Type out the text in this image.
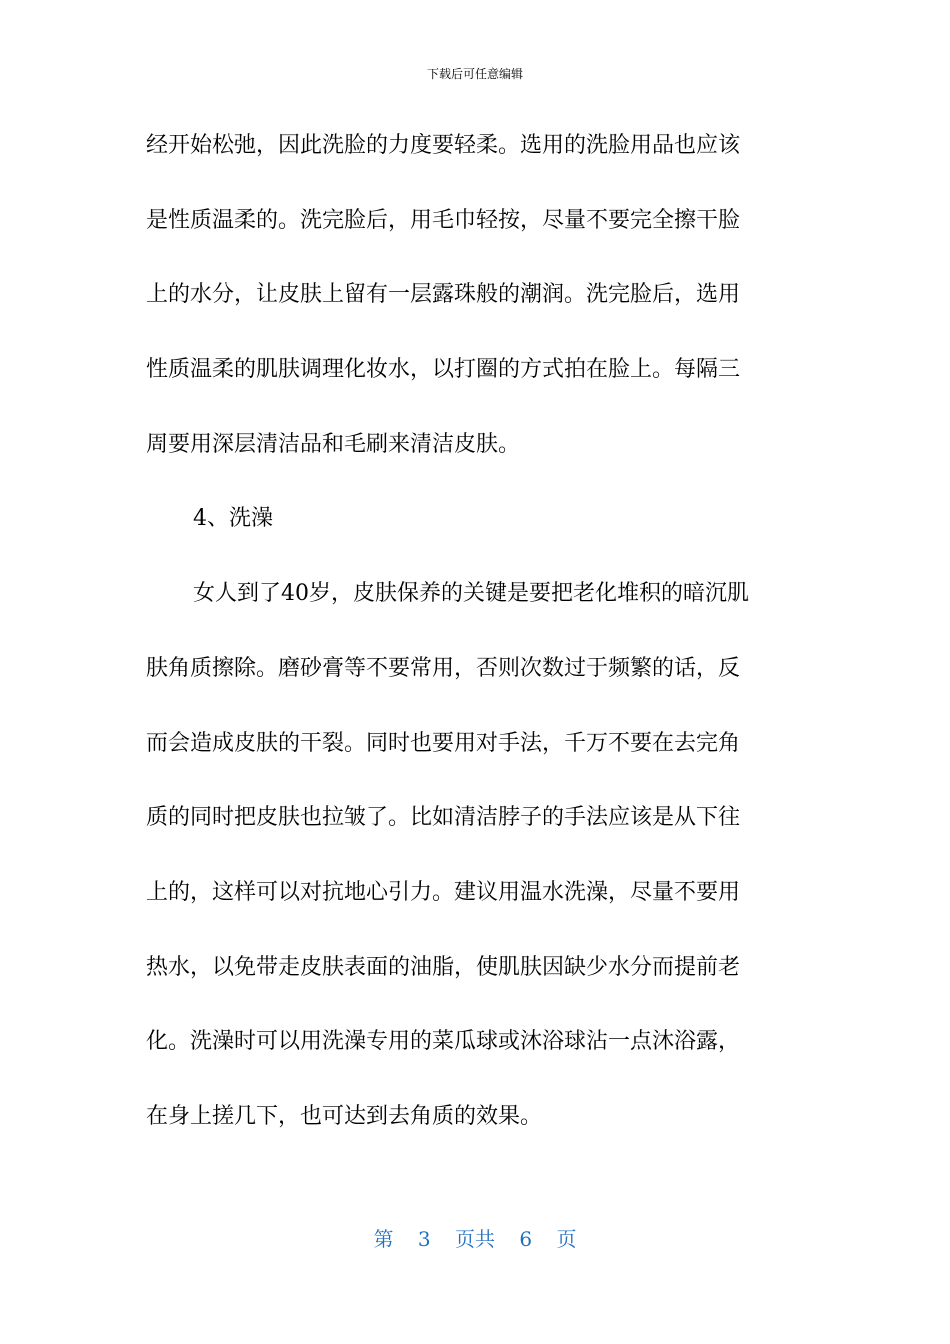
下载后可任意编辑
经开始松弛，因此洗脸的力度要轻柔。选用的洗脸用品也应该
是性质温柔的。洗完脸后，用毛巾轻按，尽量不要完全擦干脸
上的水分，让皮肤上留有一层露珠般的潮润。洗完脸后，选用
性质温柔的肌肤调理化妆水，以打圈的方式拍在脸上。每隔三
周要用深层清洁品和毛刷来清洁皮肤。
4、洗澡
女人到了40岁，皮肤保养的关键是要把老化堆积的暗沉肌
肤角质擦除。磨砂膏等不要常用，否则次数过于频繁的话，反
而会造成皮肤的干裂。同时也要用对手法，千万不要在去完角
质的同时把皮肤也拉皱了。比如清洁脖子的手法应该是从下往
上的，这样可以对抗地心引力。建议用温水洗澡，尽量不要用
热水，以免带走皮肤表面的油脂，使肌肤因缺少水分而提前老
化。洗澡时可以用洗澡专用的菜瓜球或沐浴球沾一点沐浴露，
在身上搓几下，也可达到去角质的效果。
第 3 页共 6 页
